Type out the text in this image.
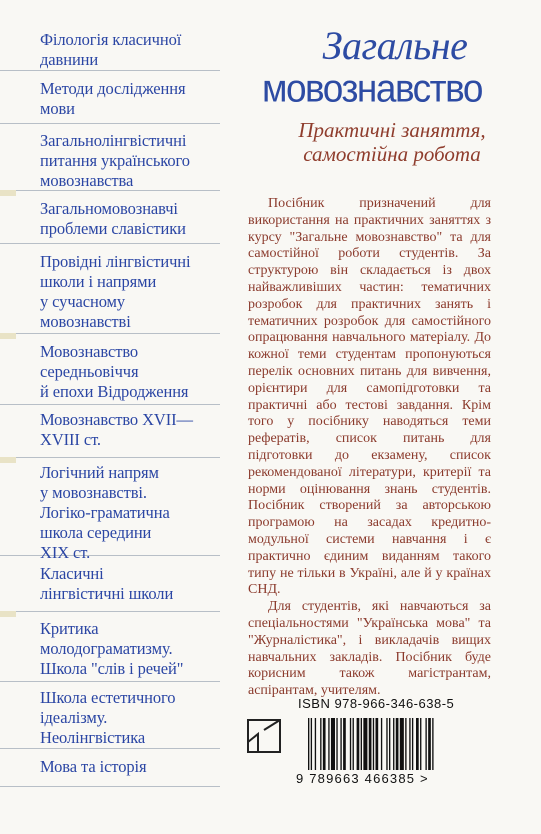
Філологія класичної
давнини
Методи дослідження
мови
Загальнолінгвістичні
питання українського
мовознавства
Загальномовознавчі
проблеми славістики
Провідні лінгвістичні
школи і напрями
у сучасному
мовознавстві
Мовознавство
середньовіччя
й епохи Відродження
Мовознавство XVII—
XVIII ст.
Логічний напрям
у мовознавстві.
Логіко-граматична
школа середини
XIX ст.
Класичні
лінгвістичні школи
Критика
молодограматизму.
Школа "слів і речей"
Школа естетичного
ідеалізму.
Неолінгвістика
Мова та історія
Загальне
мовознавство
Практичні заняття,
самостійна робота

Посібник призначений для використання на практичних заняттях з курсу "Загальне мовознавство" та для самостійної роботи студентів. За структурою він складається із двох найважливіших частин: тематичних розробок для практичних занять і тематичних розробок для самостійного опрацювання навчального матеріалу. До кожної теми студентам пропонуються перелік основних питань для вивчення, орієнтири для самопідготовки та практичні або тестові завдання. Крім того у посібнику наводяться теми рефератів, список питань для підготовки до екзамену, список рекомендованої літератури, критерії та норми оцінювання знань студентів. Посібник створений за авторською програмою на засадах кредитно-модульної системи навчання і є практично єдиним виданням такого типу не тільки в Україні, але й у країнах СНД.

Для студентів, які навчаються за спеціальностями "Українська мова" та "Журналістика", і викладачів вищих навчальних закладів. Посібник буде корисним також магістрантам, аспірантам, учителям.

ISBN 978-966-346-638-5
9 789663 466385 >
